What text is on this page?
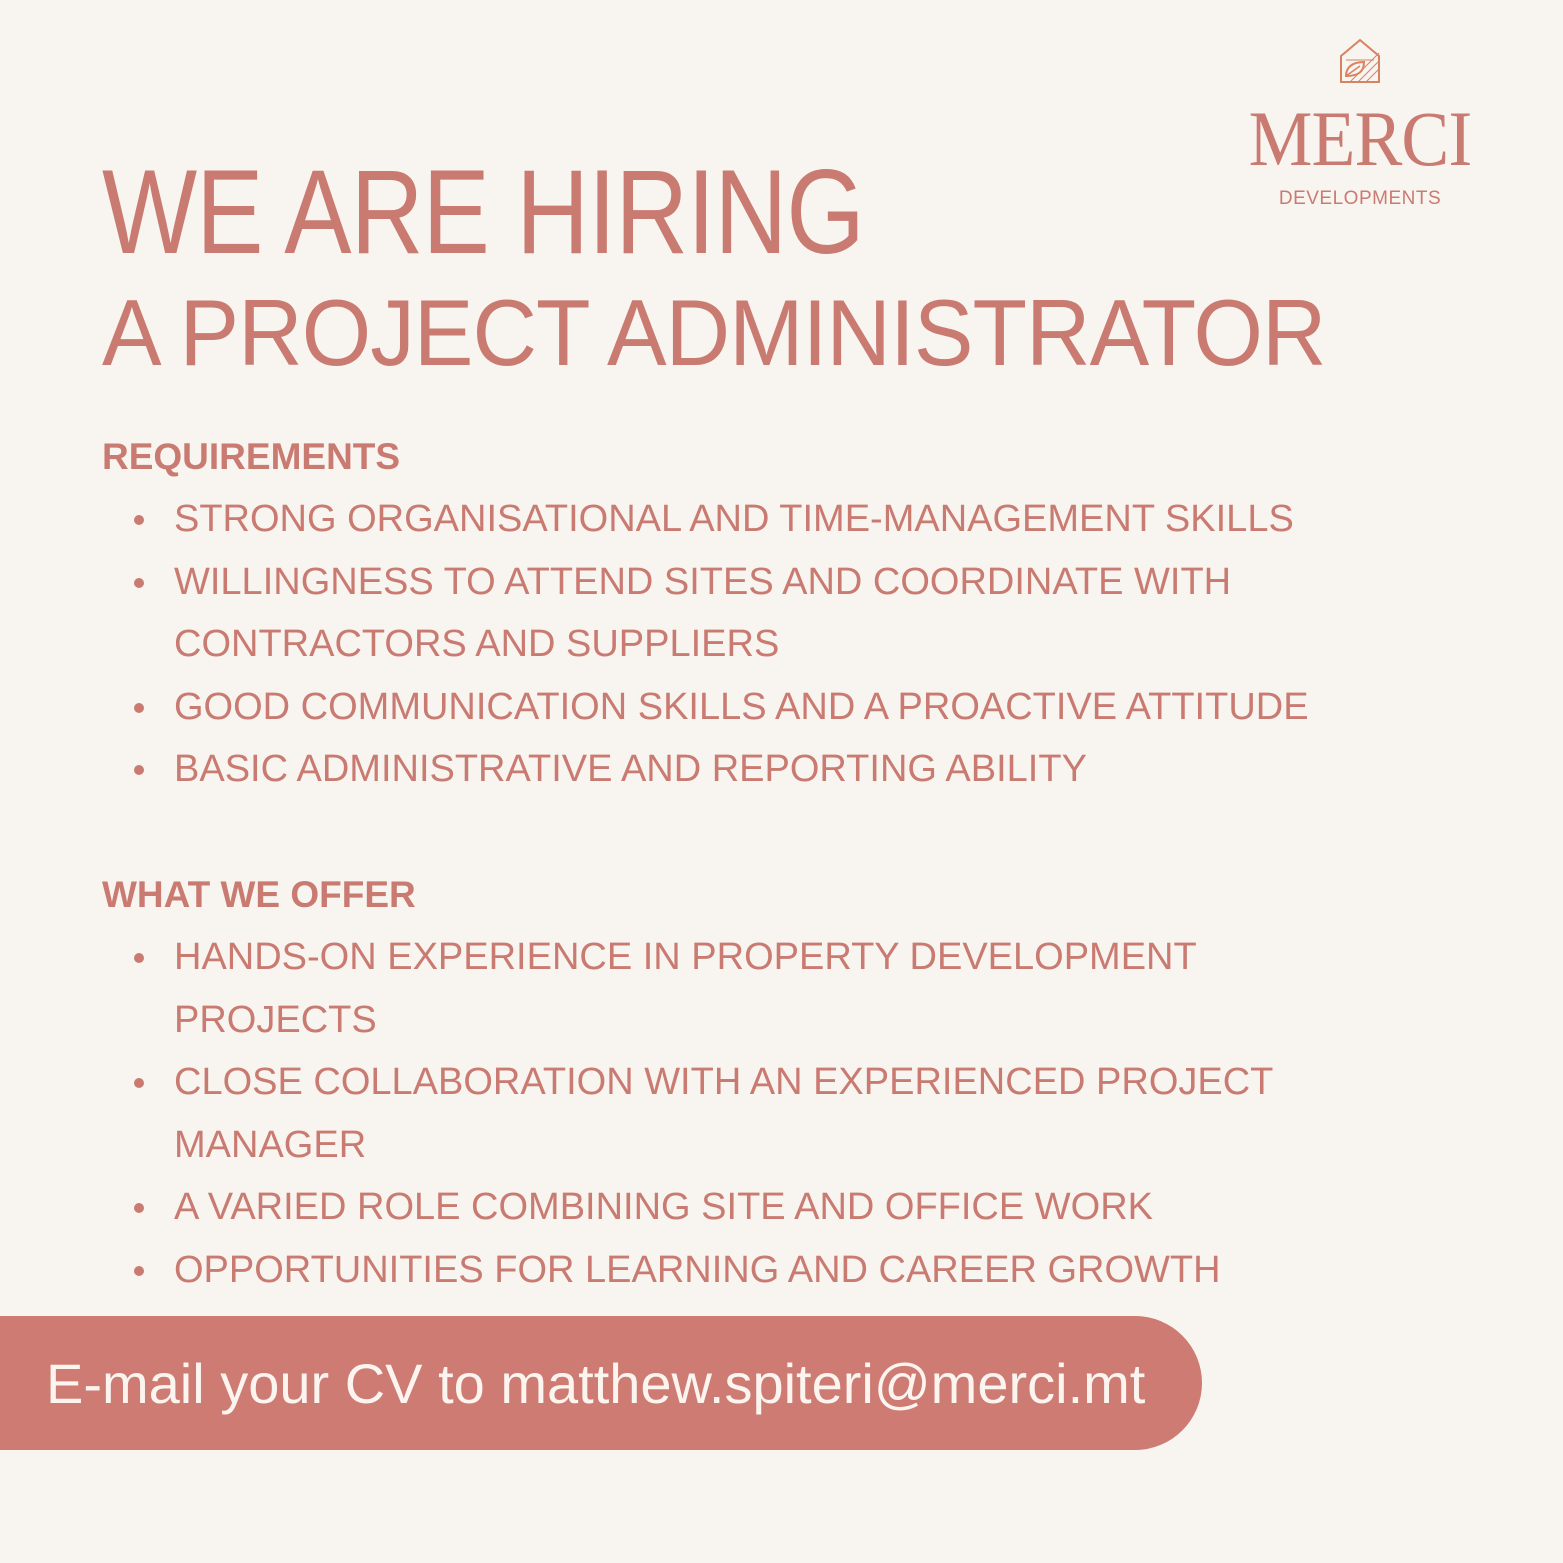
MERCI
DEVELOPMENTS
WE ARE HIRING
A PROJECT ADMINISTRATOR
REQUIREMENTS
STRONG ORGANISATIONAL AND TIME-MANAGEMENT SKILLS
WILLINGNESS TO ATTEND SITES AND COORDINATE WITH CONTRACTORS AND SUPPLIERS
GOOD COMMUNICATION SKILLS AND A PROACTIVE ATTITUDE
BASIC ADMINISTRATIVE AND REPORTING ABILITY
WHAT WE OFFER
HANDS-ON EXPERIENCE IN PROPERTY DEVELOPMENT PROJECTS
CLOSE COLLABORATION WITH AN EXPERIENCED PROJECT MANAGER
A VARIED ROLE COMBINING SITE AND OFFICE WORK
OPPORTUNITIES FOR LEARNING AND CAREER GROWTH
E-mail your CV to matthew.spiteri@merci.mt
